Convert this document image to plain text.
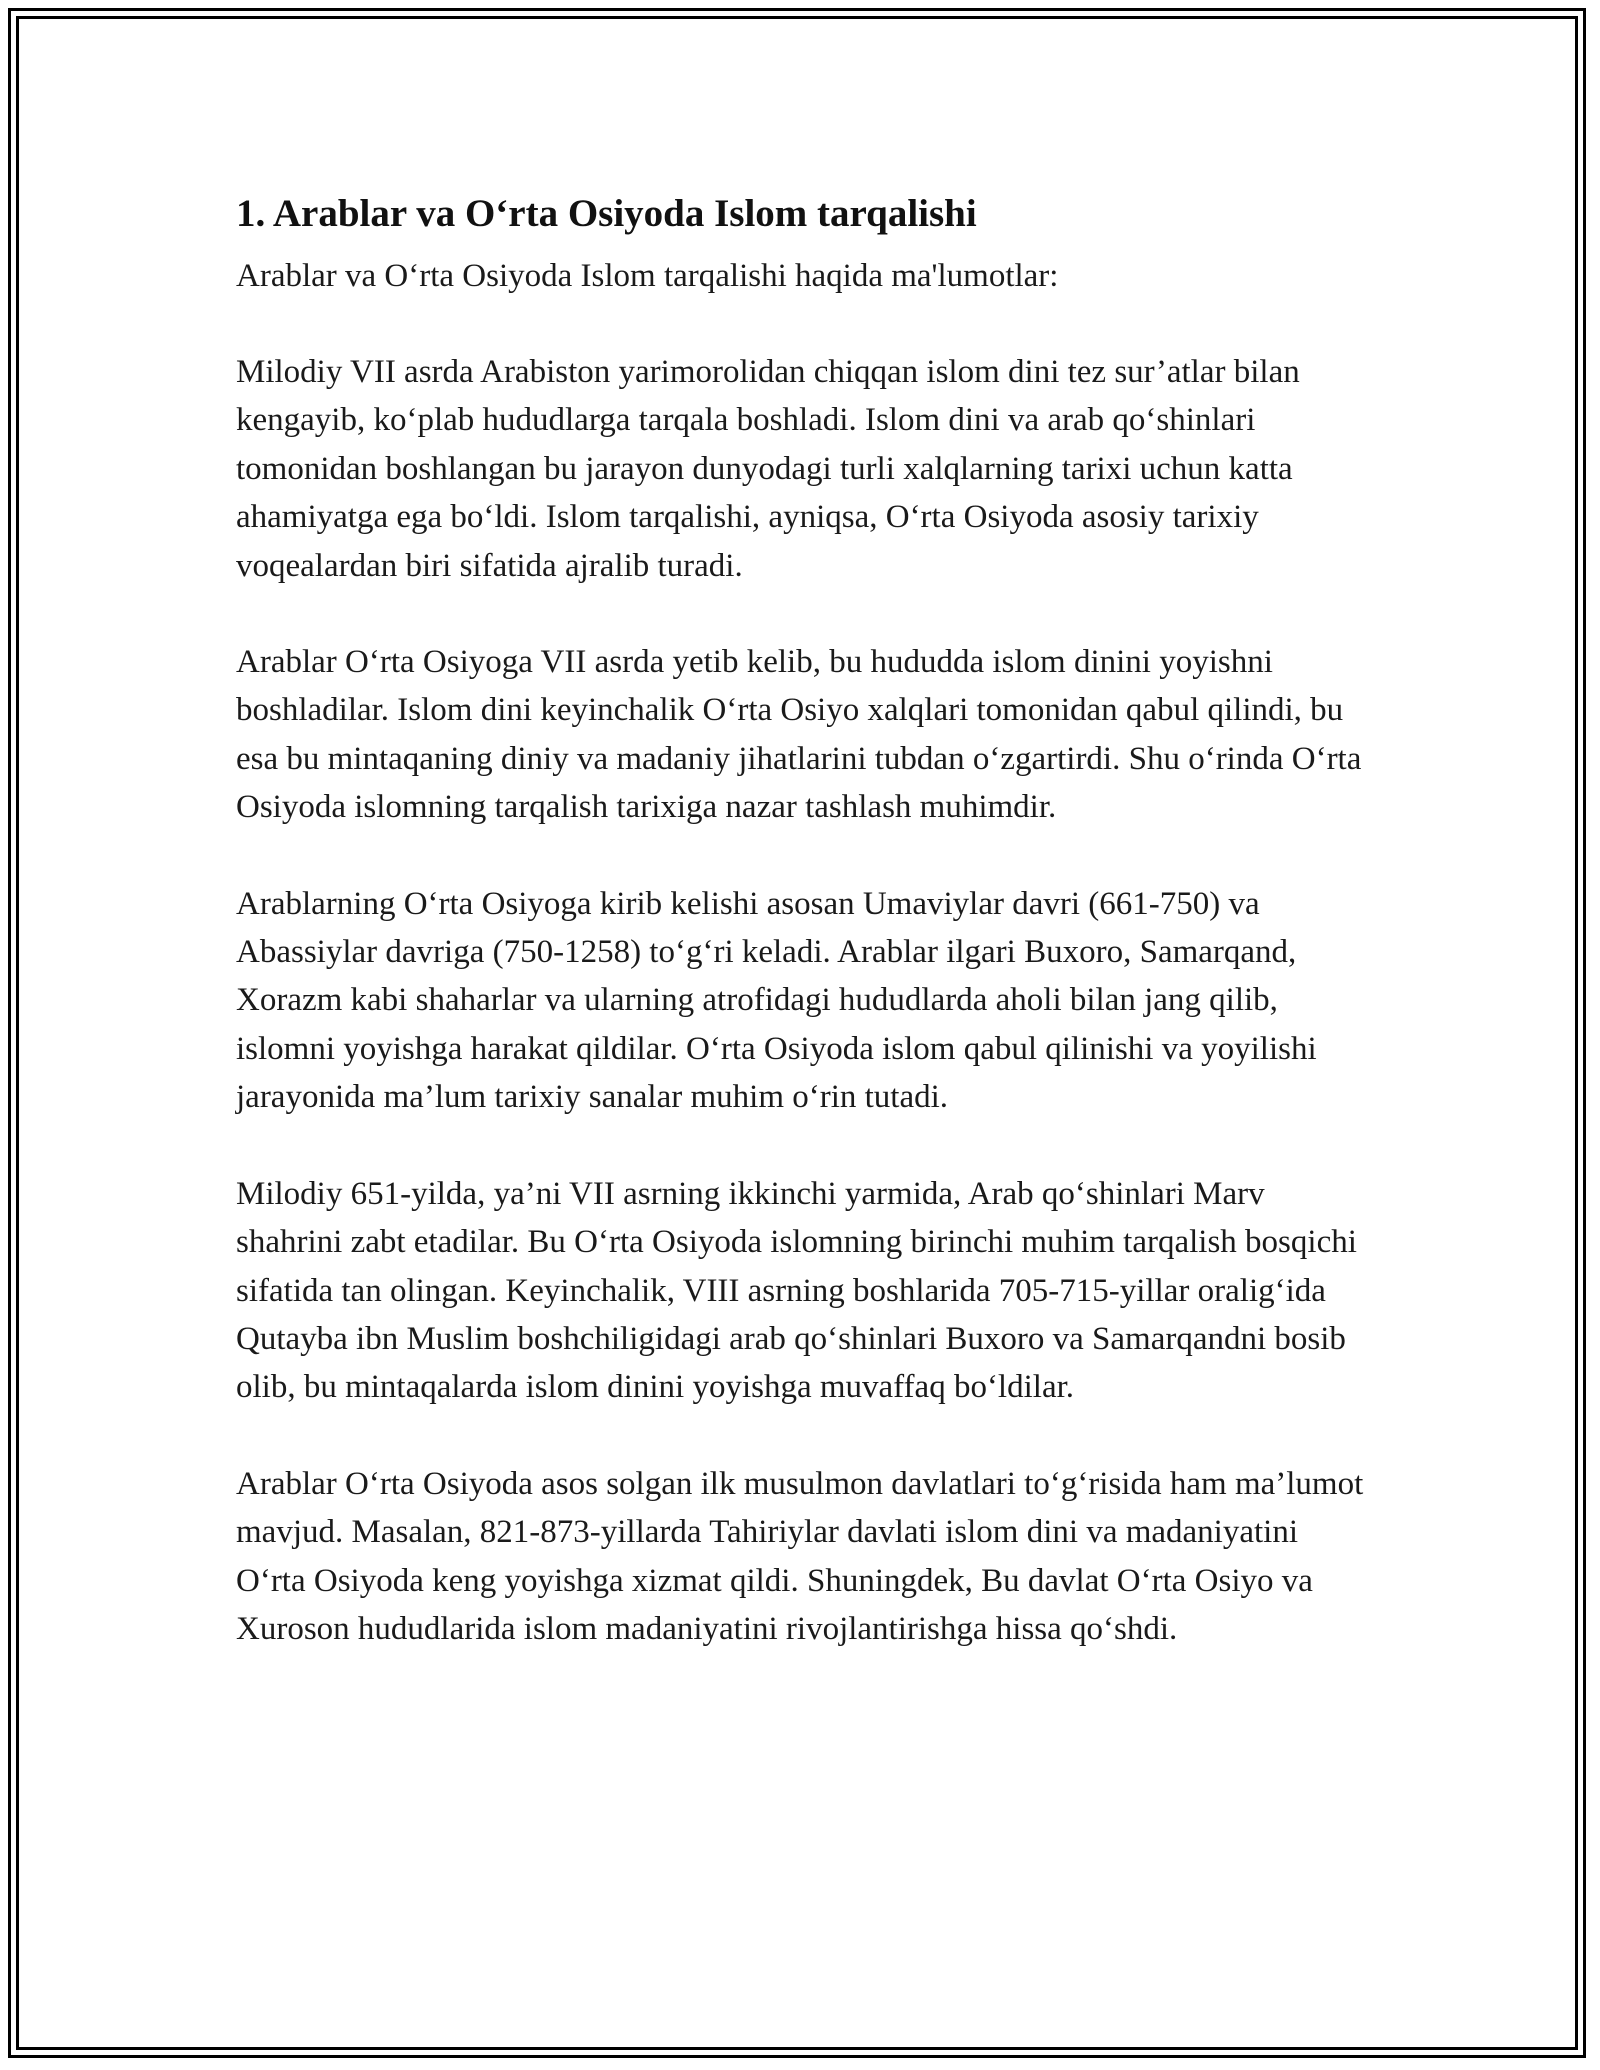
1. Arablar va O‘rta Osiyoda Islom tarqalishi

Arablar va O‘rta Osiyoda Islom tarqalishi haqida ma'lumotlar:

Milodiy VII asrda Arabiston yarimorolidan chiqqan islom dini tez sur’atlar bilan kengayib, ko‘plab hududlarga tarqala boshladi. Islom dini va arab qo‘shinlari tomonidan boshlangan bu jarayon dunyodagi turli xalqlarning tarixi uchun katta ahamiyatga ega bo‘ldi. Islom tarqalishi, ayniqsa, O‘rta Osiyoda asosiy tarixiy voqealardan biri sifatida ajralib turadi.

Arablar O‘rta Osiyoga VII asrda yetib kelib, bu hududda islom dinini yoyishni boshladilar. Islom dini keyinchalik O‘rta Osiyo xalqlari tomonidan qabul qilindi, bu esa bu mintaqaning diniy va madaniy jihatlarini tubdan o‘zgartirdi. Shu o‘rinda O‘rta Osiyoda islomning tarqalish tarixiga nazar tashlash muhimdir.

Arablarning O‘rta Osiyoga kirib kelishi asosan Umaviylar davri (661-750) va Abassiylar davriga (750-1258) to‘g‘ri keladi. Arablar ilgari Buxoro, Samarqand, Xorazm kabi shaharlar va ularning atrofidagi hududlarda aholi bilan jang qilib, islomni yoyishga harakat qildilar. O‘rta Osiyoda islom qabul qilinishi va yoyilishi jarayonida ma’lum tarixiy sanalar muhim o‘rin tutadi.

Milodiy 651-yilda, ya’ni VII asrning ikkinchi yarmida, Arab qo‘shinlari Marv shahrini zabt etadilar. Bu O‘rta Osiyoda islomning birinchi muhim tarqalish bosqichi sifatida tan olingan. Keyinchalik, VIII asrning boshlarida 705-715-yillar oralig‘ida Qutayba ibn Muslim boshchiligidagi arab qo‘shinlari Buxoro va Samarqandni bosib olib, bu mintaqalarda islom dinini yoyishga muvaffaq bo‘ldilar.

Arablar O‘rta Osiyoda asos solgan ilk musulmon davlatlari to‘g‘risida ham ma’lumot mavjud. Masalan, 821-873-yillarda Tahiriylar davlati islom dini va madaniyatini O‘rta Osiyoda keng yoyishga xizmat qildi. Shuningdek, Bu davlat O‘rta Osiyo va Xuroson hududlarida islom madaniyatini rivojlantirishga hissa qo‘shdi.
